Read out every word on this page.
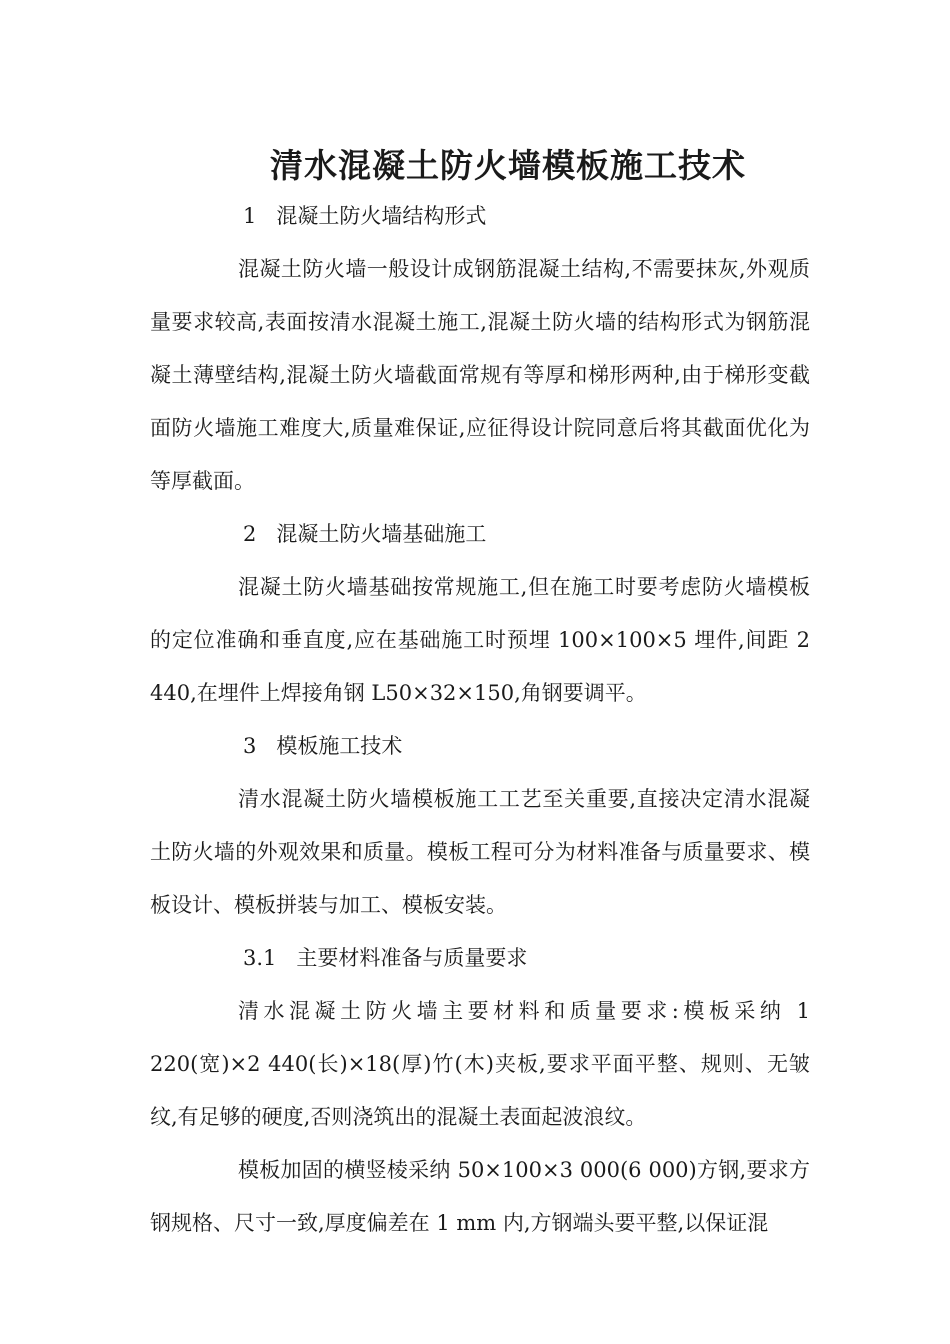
清水混凝土防火墙模板施工技术

1 混凝土防火墙结构形式

混凝土防火墙一般设计成钢筋混凝土结构,不需要抹灰,外观质量要求较高,表面按清水混凝土施工,混凝土防火墙的结构形式为钢筋混凝土薄壁结构,混凝土防火墙截面常规有等厚和梯形两种,由于梯形变截面防火墙施工难度大,质量难保证,应征得设计院同意后将其截面优化为等厚截面。

2 混凝土防火墙基础施工

混凝土防火墙基础按常规施工,但在施工时要考虑防火墙模板的定位准确和垂直度,应在基础施工时预埋 100×100×5 埋件,间距 2 440,在埋件上焊接角钢 L50×32×150,角钢要调平。

3 模板施工技术

清水混凝土防火墙模板施工工艺至关重要,直接决定清水混凝土防火墙的外观效果和质量。模板工程可分为材料准备与质量要求、模板设计、模板拼装与加工、模板安装。

3.1 主要材料准备与质量要求

清水混凝土防火墙主要材料和质量要求:模板采纳 1 220(宽)×2 440(长)×18(厚)竹(木)夹板,要求平面平整、规则、无皱纹,有足够的硬度,否则浇筑出的混凝土表面起波浪纹。

模板加固的横竖棱采纳 50×100×3 000(6 000)方钢,要求方钢规格、尺寸一致,厚度偏差在 1 mm 内,方钢端头要平整,以保证混
